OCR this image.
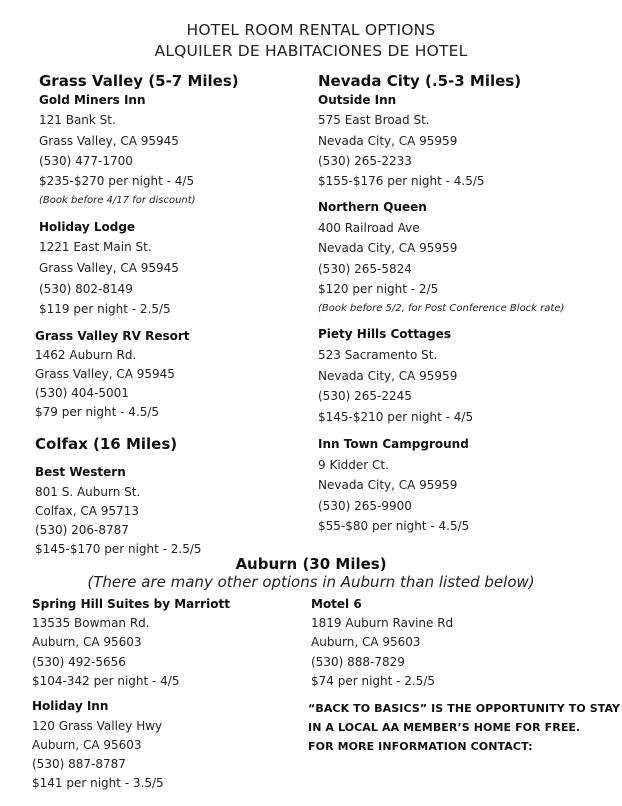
HOTEL ROOM RENTAL OPTIONS
ALQUILER DE HABITACIONES DE HOTEL
Grass Valley (5-7 Miles)
Gold Miners Inn
121 Bank St.
Grass Valley, CA 95945
(530) 477-1700
$235-$270 per night - 4/5
(Book before 4/17 for discount)
Holiday Lodge
1221 East Main St.
Grass Valley, CA 95945
(530) 802-8149
$119 per night - 2.5/5
Grass Valley RV Resort
1462 Auburn Rd.
Grass Valley, CA 95945
(530) 404-5001
$79 per night - 4.5/5
Colfax (16 Miles)
Best Western
801 S. Auburn St.
Colfax, CA 95713
(530) 206-8787
$145-$170 per night - 2.5/5
Nevada City (.5-3 Miles)
Outside Inn
575 East Broad St.
Nevada City, CA 95959
(530) 265-2233
$155-$176 per night - 4.5/5
Northern Queen
400 Railroad Ave
Nevada City, CA 95959
(530) 265-5824
$120 per night - 2/5
(Book before 5/2, for Post Conference Block rate)
Piety Hills Cottages
523 Sacramento St.
Nevada City, CA 95959
(530) 265-2245
$145-$210 per night - 4/5
Inn Town Campground
9 Kidder Ct.
Nevada City, CA 95959
(530) 265-9900
$55-$80 per night - 4.5/5
Auburn (30 Miles)
(There are many other options in Auburn than listed below)
Spring Hill Suites by Marriott
13535 Bowman Rd.
Auburn, CA 95603
(530) 492-5656
$104-342 per night - 4/5
Holiday Inn
120 Grass Valley Hwy
Auburn, CA 95603
(530) 887-8787
$141 per night - 3.5/5
Motel 6
1819 Auburn Ravine Rd
Auburn, CA 95603
(530) 888-7829
$74 per night - 2.5/5
“BACK TO BASICS” IS THE OPPORTUNITY TO STAY
IN A LOCAL AA MEMBER’S HOME FOR FREE.
FOR MORE INFORMATION CONTACT:
